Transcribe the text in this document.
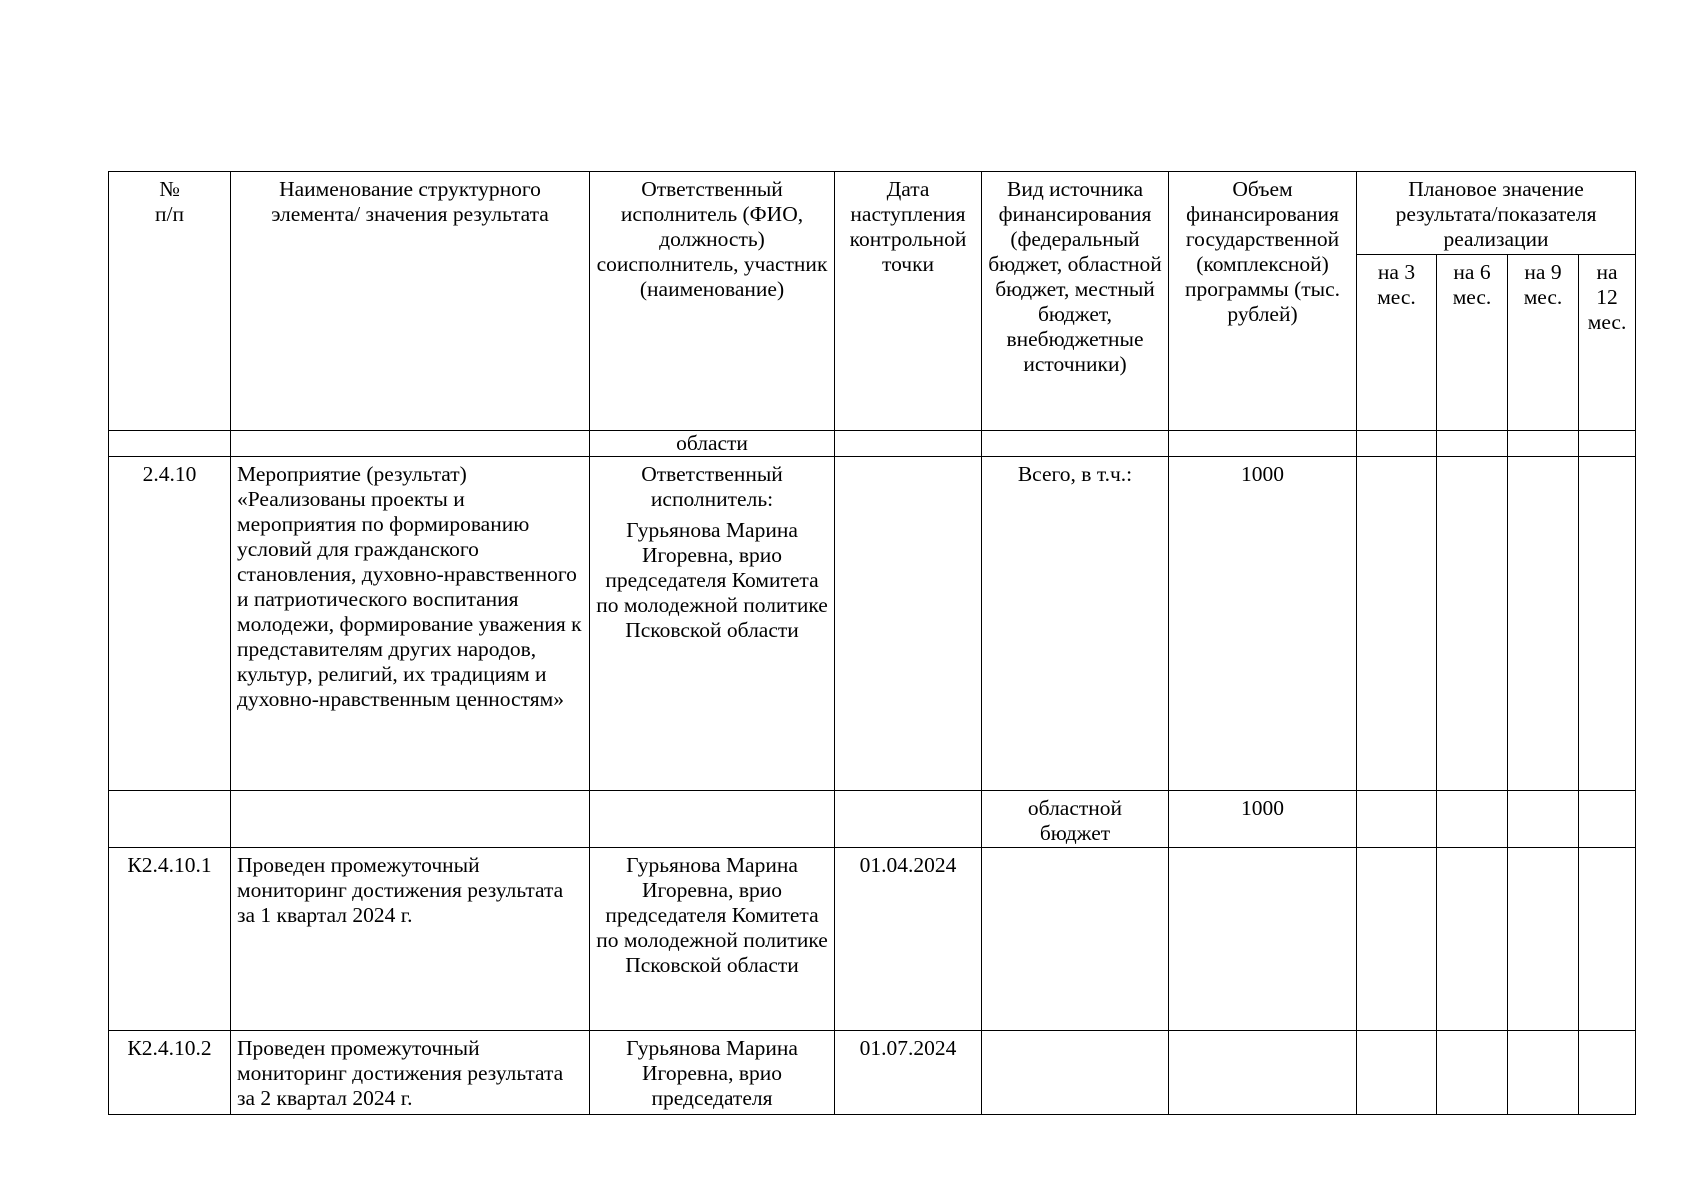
№
п/п	Наименование структурного элемента/ значения результата	Ответственный исполнитель (ФИО, должность) соисполнитель, участник (наименование)	Дата наступления контрольной точки	Вид источника финансирования (федеральный бюджет, областной бюджет, местный бюджет, внебюджетные источники)	Объем финансирования государственной (комплексной) программы (тыс. рублей)	Плановое значение результата/показателя реализации			
						на 3 мес.	на 6 мес.	на 9 мес.	на 12 мес.
		области							
2.4.10	Мероприятие (результат) «Реализованы проекты и мероприятия по формированию условий для гражданского становления, духовно-нравственного и патриотического воспитания молодежи, формирование уважения к представителям других народов, культур, религий, их традициям и духовно-нравственным ценностям»	Ответственный исполнитель:
Гурьянова Марина Игоревна, врио председателя Комитета по молодежной политике Псковской области		Всего, в т.ч.:	1000				
				областной бюджет	1000				
К2.4.10.1	Проведен промежуточный мониторинг достижения результата за 1 квартал 2024 г.	Гурьянова Марина Игоревна, врио председателя Комитета по молодежной политике Псковской области	01.04.2024						
К2.4.10.2	Проведен промежуточный мониторинг достижения результата за 2 квартал 2024 г.	Гурьянова Марина Игоревна, врио председателя	01.07.2024						
